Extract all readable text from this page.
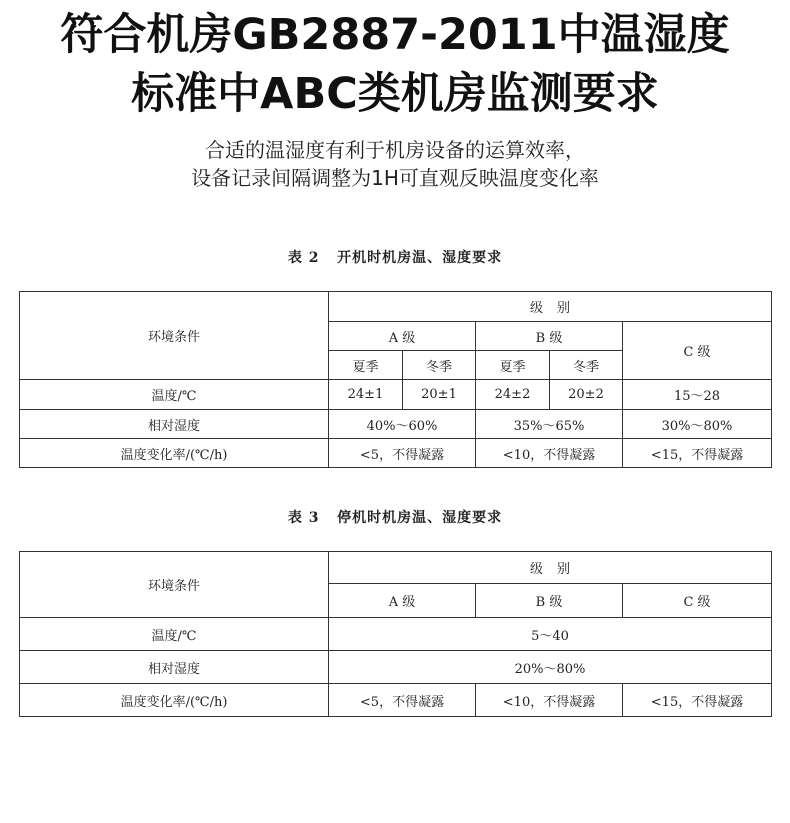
符合机房GB2887-2011中温湿度
标准中ABC类机房监测要求
合适的温湿度有利于机房设备的运算效率，
设备记录间隔调整为1H可直观反映温度变化率
表 2   开机时机房温、湿度要求
环境条件	级别				
	A 级		B 级		C 级
	夏季	冬季	夏季	冬季	
温度/℃	24±1	20±1	24±2	20±2	15～28
相对湿度	40%～60%		35%～65%		30%～80%
温度变化率/(℃/h)	<5，不得凝露		<10，不得凝露		<15，不得凝露
表 3   停机时机房温、湿度要求
环境条件	级别		
	A 级	B 级	C 级
温度/℃	5～40		
相对湿度	20%～80%		
温度变化率/(℃/h)	<5，不得凝露	<10，不得凝露	<15，不得凝露
